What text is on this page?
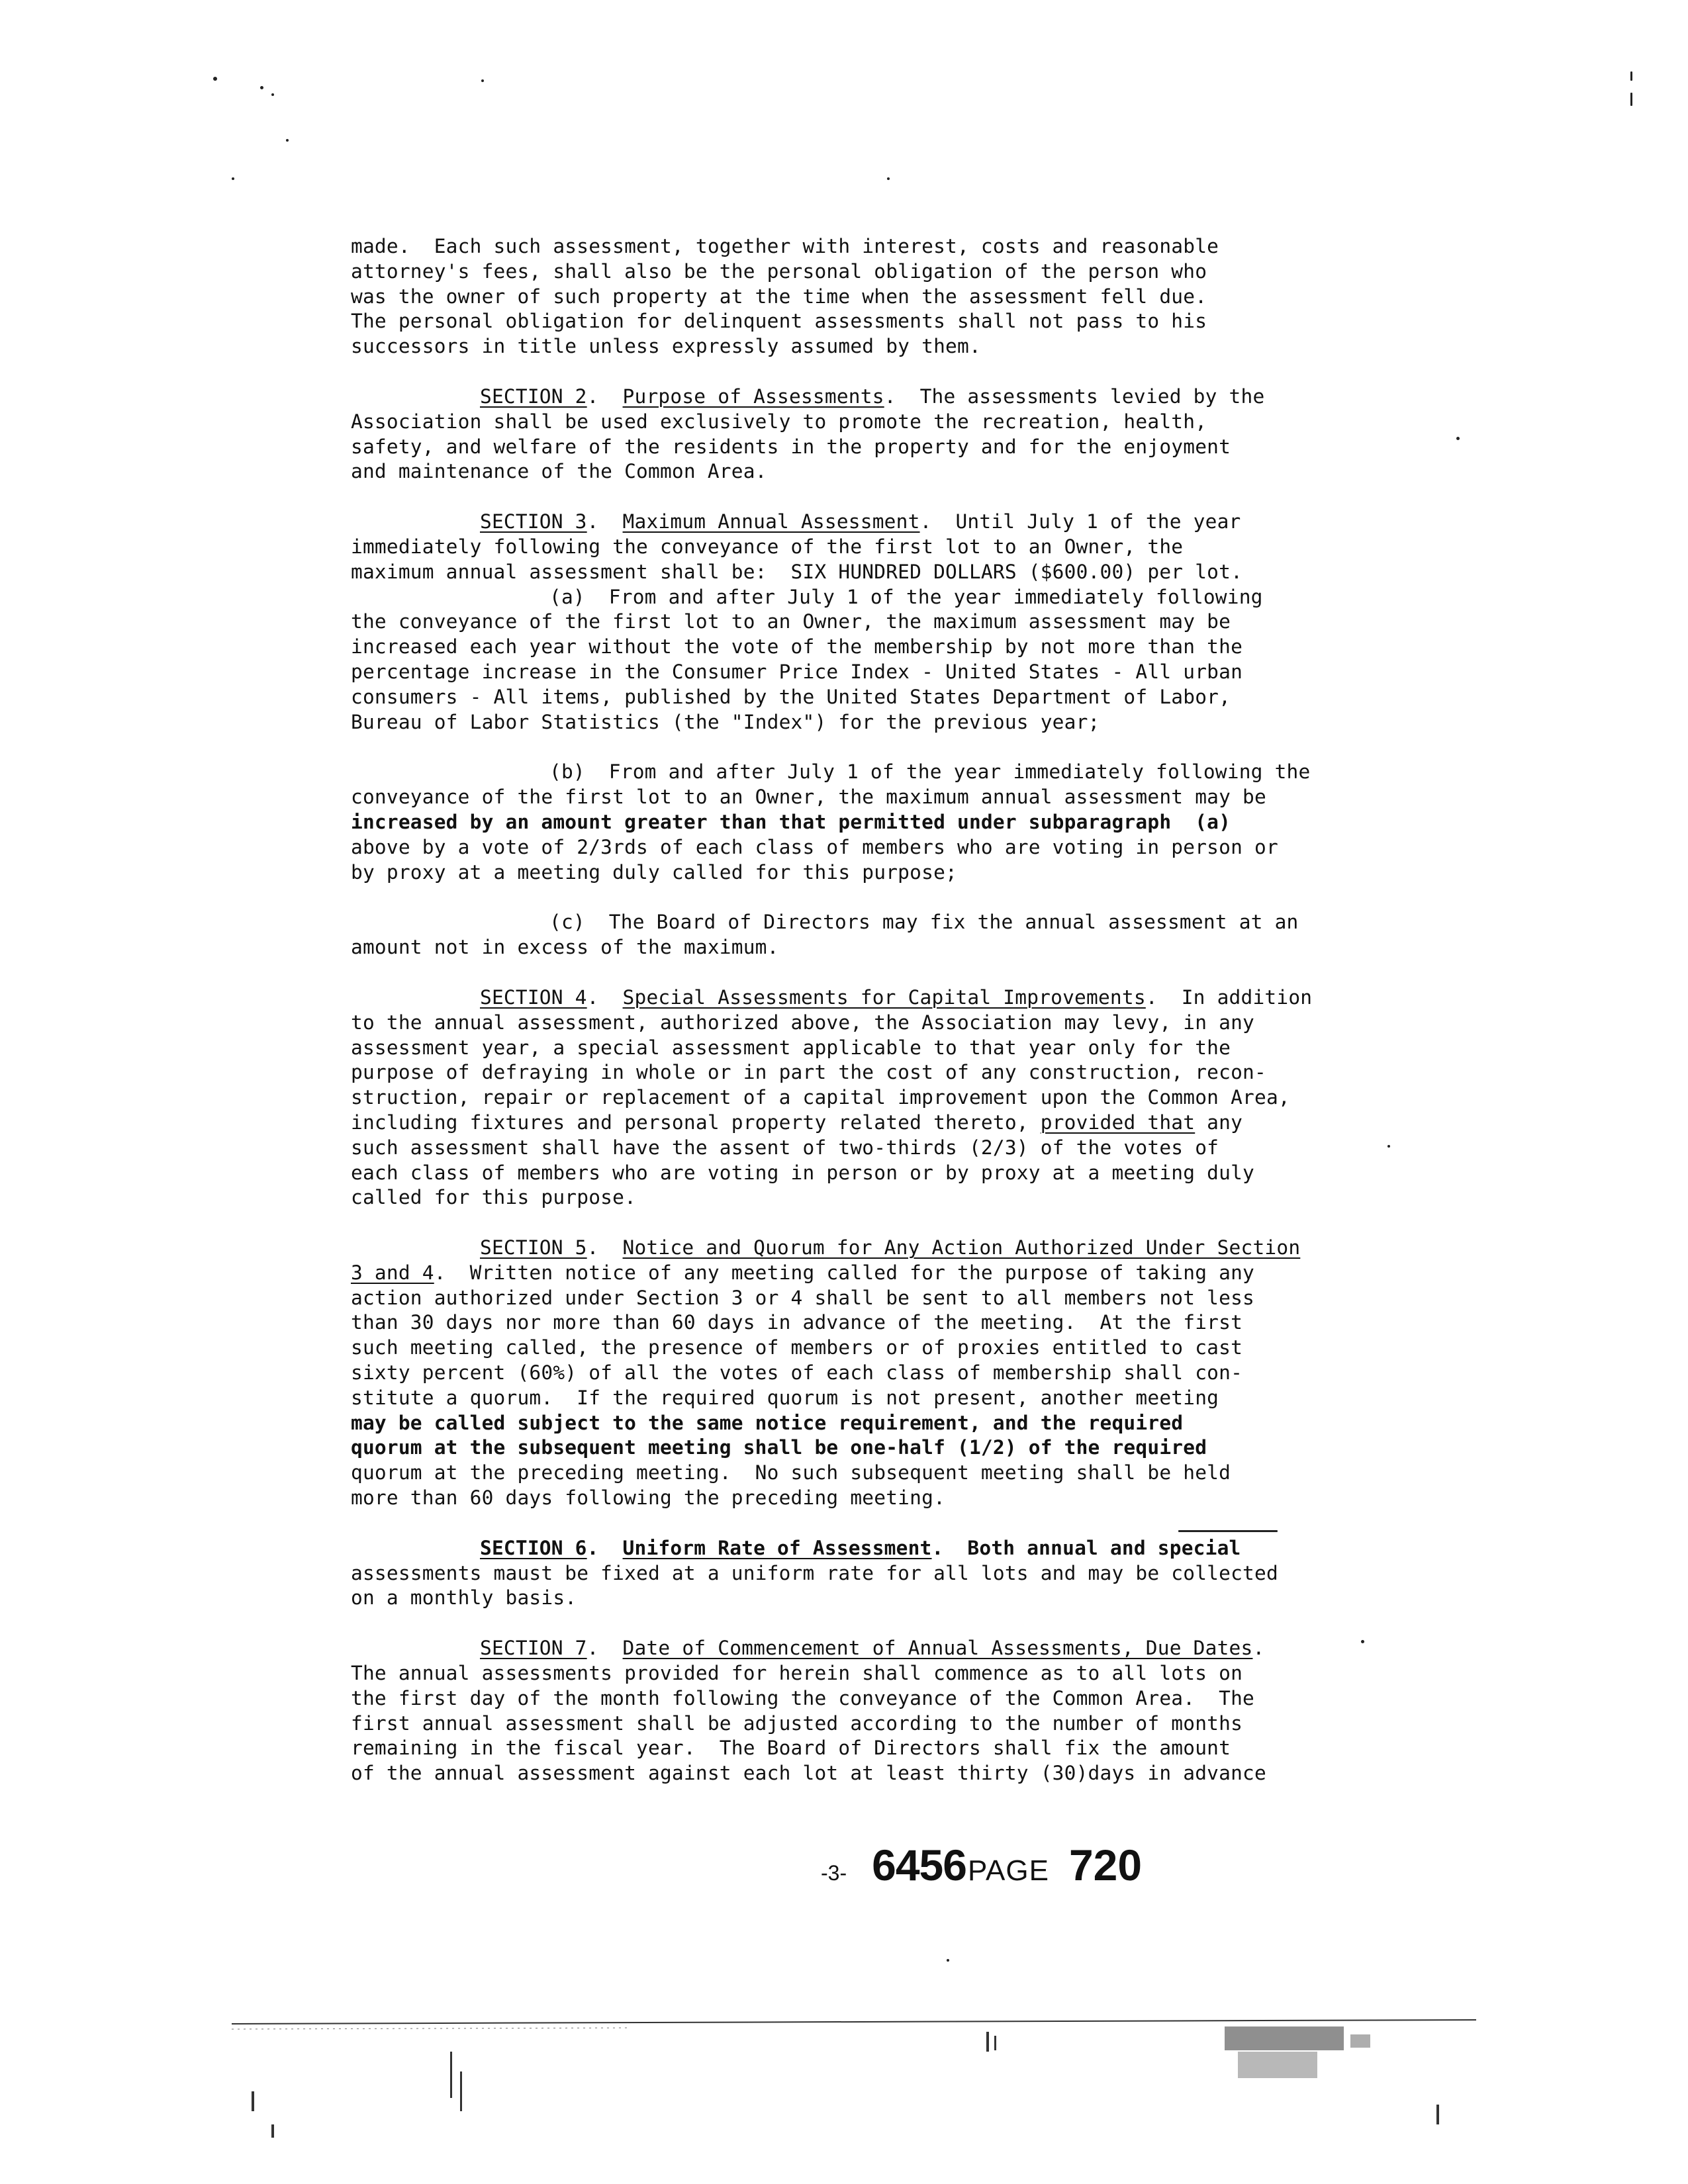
made.  Each such assessment, together with interest, costs and reasonable

attorney's fees, shall also be the personal obligation of the person who

was the owner of such property at the time when the assessment fell due.

The personal obligation for delinquent assessments shall not pass to his

successors in title unless expressly assumed by them.

SECTION 2.  Purpose of Assessments.  The assessments levied by the

Association shall be used exclusively to promote the recreation, health,

safety, and welfare of the residents in the property and for the enjoyment

and maintenance of the Common Area.

SECTION 3.  Maximum Annual Assessment.  Until July 1 of the year

immediately following the conveyance of the first lot to an Owner, the

maximum annual assessment shall be:  SIX HUNDRED DOLLARS ($600.00) per lot.

(a)  From and after July 1 of the year immediately following

the conveyance of the first lot to an Owner, the maximum assessment may be

increased each year without the vote of the membership by not more than the

percentage increase in the Consumer Price Index - United States - All urban

consumers - All items, published by the United States Department of Labor,

Bureau of Labor Statistics (the "Index") for the previous year;

(b)  From and after July 1 of the year immediately following the

conveyance of the first lot to an Owner, the maximum annual assessment may be

increased by an amount greater than that permitted under subparagraph  (a)

above by a vote of 2/3rds of each class of members who are voting in person or

by proxy at a meeting duly called for this purpose;

(c)  The Board of Directors may fix the annual assessment at an

amount not in excess of the maximum.

SECTION 4.  Special Assessments for Capital Improvements.  In addition

to the annual assessment, authorized above, the Association may levy, in any

assessment year, a special assessment applicable to that year only for the

purpose of defraying in whole or in part the cost of any construction, recon-

struction, repair or replacement of a capital improvement upon the Common Area,

including fixtures and personal property related thereto, provided that any

such assessment shall have the assent of two-thirds (2/3) of the votes of

each class of members who are voting in person or by proxy at a meeting duly

called for this purpose.

SECTION 5.  Notice and Quorum for Any Action Authorized Under Section

3 and 4.  Written notice of any meeting called for the purpose of taking any

action authorized under Section 3 or 4 shall be sent to all members not less

than 30 days nor more than 60 days in advance of the meeting.  At the first

such meeting called, the presence of members or of proxies entitled to cast

sixty percent (60%) of all the votes of each class of membership shall con-

stitute a quorum.  If the required quorum is not present, another meeting

may be called subject to the same notice requirement, and the required

quorum at the subsequent meeting shall be one-half (1/2) of the required

quorum at the preceding meeting.  No such subsequent meeting shall be held

more than 60 days following the preceding meeting.

SECTION 6.  Uniform Rate of Assessment.  Both annual and special

assessments maust be fixed at a uniform rate for all lots and may be collected

on a monthly basis.

SECTION 7.  Date of Commencement of Annual Assessments, Due Dates.

The annual assessments provided for herein shall commence as to all lots on

the first day of the month following the conveyance of the Common Area.  The

first annual assessment shall be adjusted according to the number of months

remaining in the fiscal year.  The Board of Directors shall fix the amount

of the annual assessment against each lot at least thirty (30)days in advance

-3- 6456 PAGE 720
